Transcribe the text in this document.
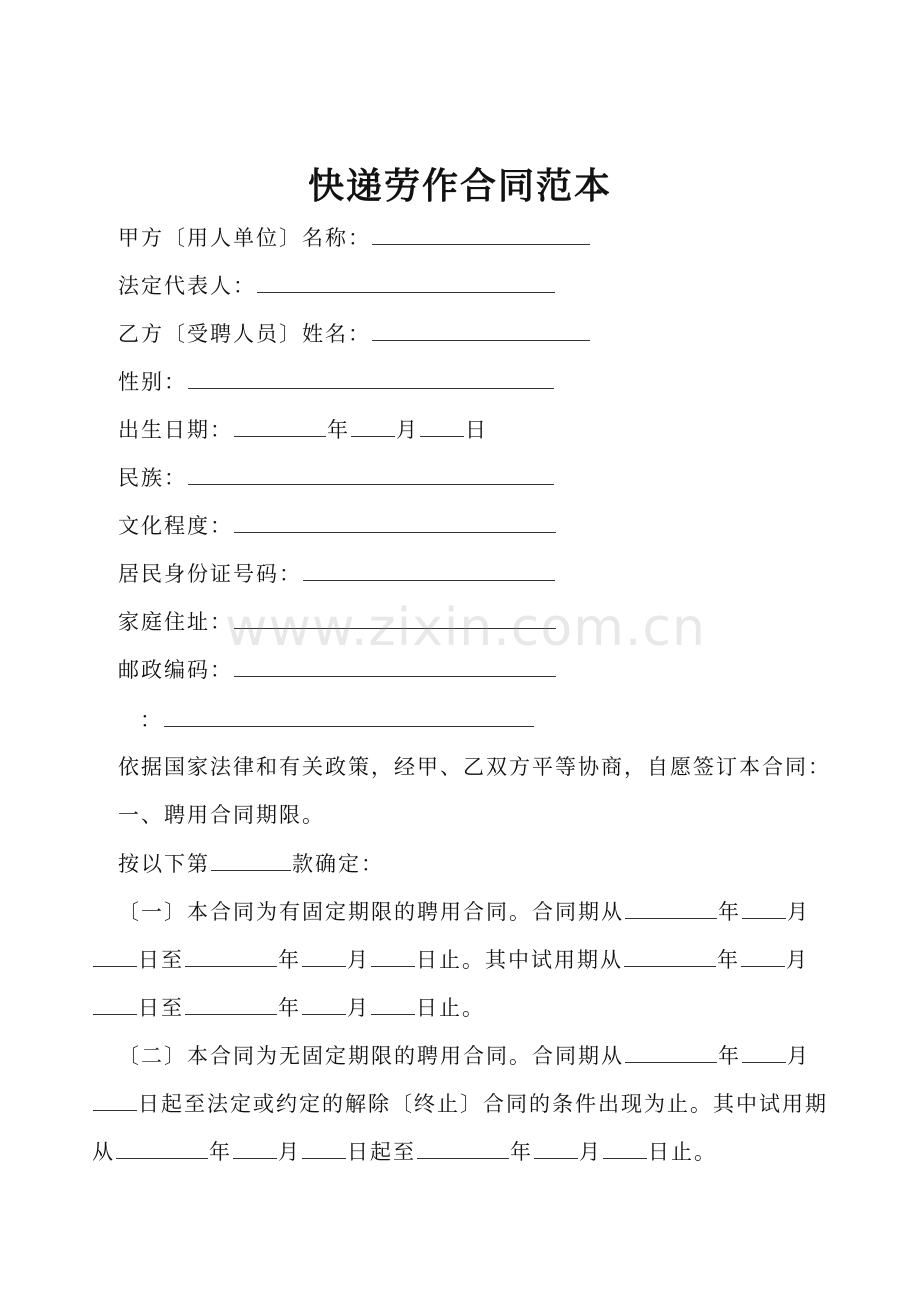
快递劳作合同范本
甲方〔用人单位〕名称：
法定代表人：
乙方〔受聘人员〕姓名：
性别：
出生日期：	年 月 日
民族：
文化程度：
居民身份证号码：
家庭住址：
邮政编码：
：
依据国家法律和有关政策，经甲、乙双方平等协商，自愿签订本合同：
一、聘用合同期限。
按以下第	款确定：
〔一〕本合同为有固定期限的聘用合同。合同期从	年 月
日至	年 月 日止。其中试用期从	年 月
日至	年 月 日止。
〔二〕本合同为无固定期限的聘用合同。合同期从	年 月
日起至法定或约定的解除〔终止〕合同的条件出现为止。其中试用期
从	年 月 日起至	年 月 日止。
www.zixin.com.cn
